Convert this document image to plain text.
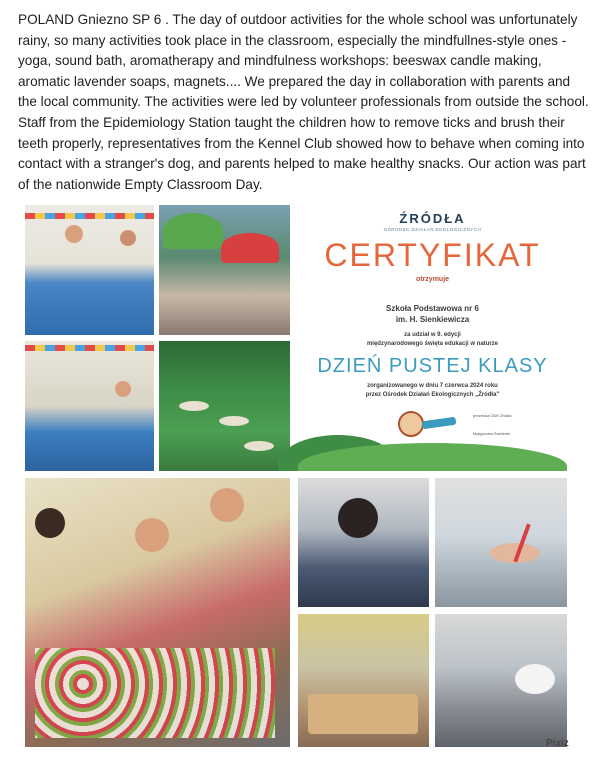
POLAND Gniezno SP 6 . The day of outdoor activities for the whole school was unfortunately rainy, so many activities took place in the classroom, especially the mindfullnes-style ones - yoga, sound bath, aromatherapy and mindfulness workshops: beeswax candle making, aromatic lavender soaps, magnets.... We prepared the day in collaboration with parents and the local community. The activities were led by volunteer professionals from outside the school. Staff from the Epidemiology Station taught the children how to remove ticks and brush their teeth properly, representatives from the Kennel Club showed how to behave when coming into contact with a stranger's dog, and parents helped to make healthy snacks. Our action was part of the nationwide Empty Classroom Day.
ŹRÓDŁA
OŚRODEK DZIAŁAŃ EKOLOGICZNYCH
CERTYFIKAT
otrzymuje
Szkoła Podstawowa nr 6
im. H. Sienkiewicza
za udział w 9. edycji
międzynarodowego święta edukacji w naturze
DZIEŃ PUSTEJ KLASY
zorganizowanego w dniu 7 czerwca 2024 roku
przez Ośrodek Działań Ekologicznych „Źródła"
prezeska ODE Źródła
Małgorzata Świderek
Pixiz
